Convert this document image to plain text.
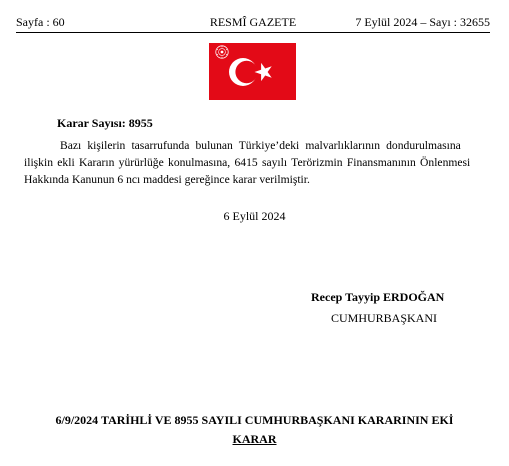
Sayfa : 60	RESMÎ GAZETE	7 Eylül 2024 – Sayı : 32655
Karar Sayısı: 8955
Bazı kişilerin tasarrufunda bulunan Türkiye’deki malvarlıklarının dondurulmasına
ilişkin ekli Kararın yürürlüğe konulmasına, 6415 sayılı Terörizmin Finansmanının Önlenmesi
Hakkında Kanunun 6 ncı maddesi gereğince karar verilmiştir.
6 Eylül 2024
Recep Tayyip ERDOĞAN
CUMHURBAŞKANI
6/9/2024 TARİHLİ VE 8955 SAYILI CUMHURBAŞKANI KARARININ EKİ
KARAR
